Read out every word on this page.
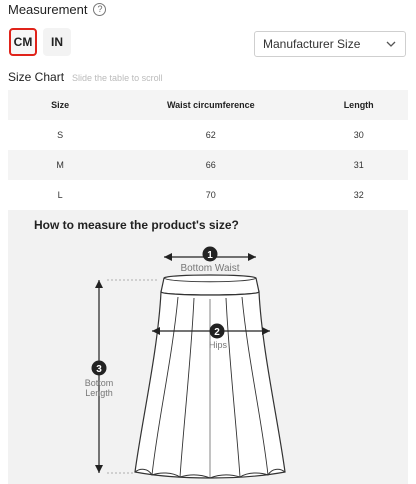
Measurement	?
CM	IN	Manufacturer Size
Size Chart Slide the table to scroll
Size	Waist circumference	Length
S	62	30
M	66	31
L	70	32
How to measure the product's size?
1
Bottom Waist
2
Hips
3
Bottom
Length
